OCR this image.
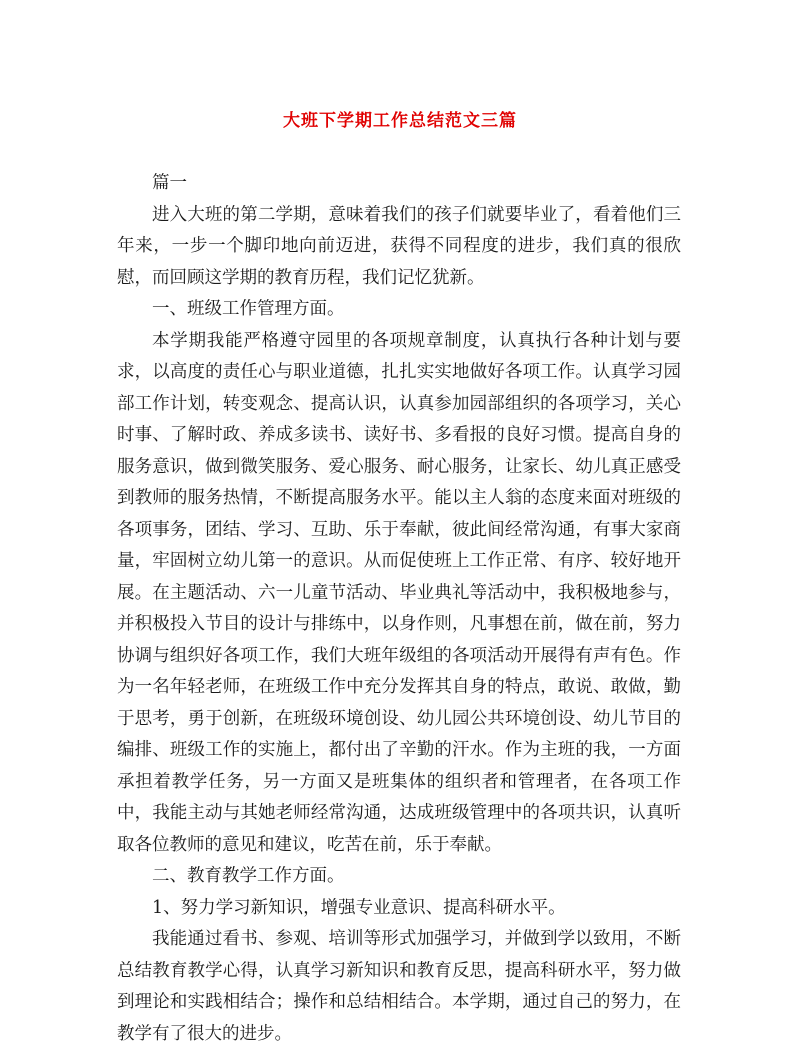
大班下学期工作总结范文三篇

篇一

进入大班的第二学期，意味着我们的孩子们就要毕业了，看着他们三年来，一步一个脚印地向前迈进，获得不同程度的进步，我们真的很欣慰，而回顾这学期的教育历程，我们记忆犹新。

一、班级工作管理方面。

本学期我能严格遵守园里的各项规章制度，认真执行各种计划与要求，以高度的责任心与职业道德，扎扎实实地做好各项工作。认真学习园部工作计划，转变观念、提高认识，认真参加园部组织的各项学习，关心时事、了解时政、养成多读书、读好书、多看报的良好习惯。提高自身的服务意识，做到微笑服务、爱心服务、耐心服务，让家长、幼儿真正感受到教师的服务热情，不断提高服务水平。能以主人翁的态度来面对班级的各项事务，团结、学习、互助、乐于奉献，彼此间经常沟通，有事大家商量，牢固树立幼儿第一的意识。从而促使班上工作正常、有序、较好地开展。在主题活动、六一儿童节活动、毕业典礼等活动中，我积极地参与，并积极投入节目的设计与排练中，以身作则，凡事想在前，做在前，努力协调与组织好各项工作，我们大班年级组的各项活动开展得有声有色。作为一名年轻老师，在班级工作中充分发挥其自身的特点，敢说、敢做，勤于思考，勇于创新，在班级环境创设、幼儿园公共环境创设、幼儿节目的编排、班级工作的实施上，都付出了辛勤的汗水。作为主班的我，一方面承担着教学任务，另一方面又是班集体的组织者和管理者，在各项工作中，我能主动与其她老师经常沟通，达成班级管理中的各项共识，认真听取各位教师的意见和建议，吃苦在前，乐于奉献。

二、教育教学工作方面。

1、努力学习新知识，增强专业意识、提高科研水平。

我能通过看书、参观、培训等形式加强学习，并做到学以致用，不断总结教育教学心得，认真学习新知识和教育反思，提高科研水平，努力做到理论和实践相结合；操作和总结相结合。本学期，通过自己的努力，在教学有了很大的进步。
